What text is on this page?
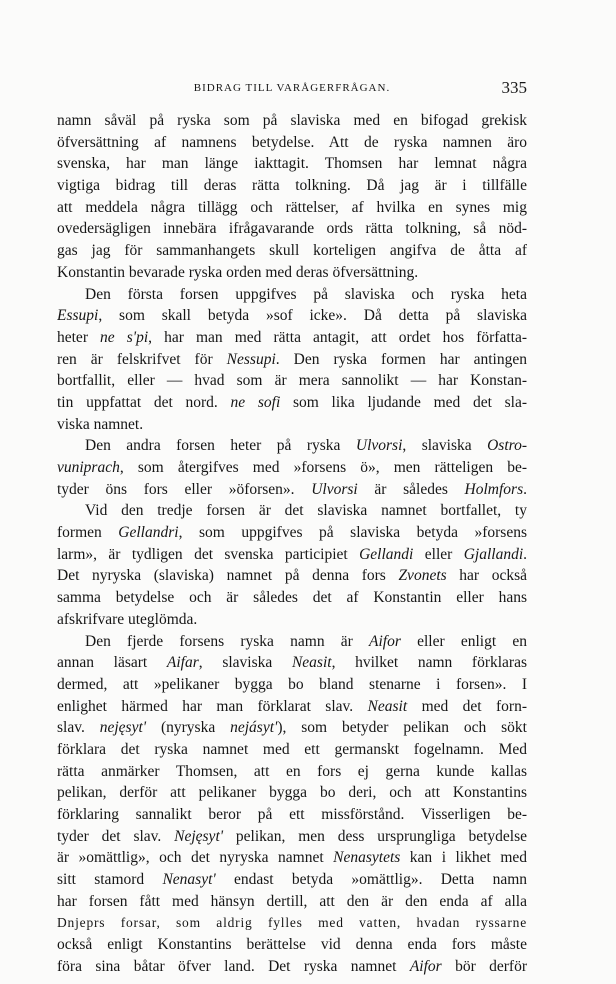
BIDRAG TILL VARÅGERFRÅGAN.	335
namn såväl på ryska som på slaviska med en bifogad grekisk
öfversättning af namnens betydelse. Att de ryska namnen äro
svenska, har man länge iakttagit. Thomsen har lemnat några
vigtiga bidrag till deras rätta tolkning. Då jag är i tillfälle
att meddela några tillägg och rättelser, af hvilka en synes mig
ovedersägligen innebära ifrågavarande ords rätta tolkning, så nöd-
gas jag för sammanhangets skull korteligen angifva de åtta af
Konstantin bevarade ryska orden med deras öfversättning.
Den första forsen uppgifves på slaviska och ryska heta
Essupi, som skall betyda »sof icke». Då detta på slaviska
heter ne s'pi, har man med rätta antagit, att ordet hos författa-
ren är felskrifvet för Nessupi. Den ryska formen har antingen
bortfallit, eller — hvad som är mera sannolikt — har Konstan-
tin uppfattat det nord. ne sofi som lika ljudande med det sla-
viska namnet.
Den andra forsen heter på ryska Ulvorsi, slaviska Ostro-
vuniprach, som återgifves med »forsens ö», men rätteligen be-
tyder öns fors eller »öforsen». Ulvorsi är således Holmfors.
Vid den tredje forsen är det slaviska namnet bortfallet, ty
formen Gellandri, som uppgifves på slaviska betyda »forsens
larm», är tydligen det svenska participiet Gellandi eller Gjallandi.
Det nyryska (slaviska) namnet på denna fors Zvonets har också
samma betydelse och är således det af Konstantin eller hans
afskrifvare uteglömda.
Den fjerde forsens ryska namn är Aifor eller enligt en
annan läsart Aifar, slaviska Neasit, hvilket namn förklaras
dermed, att »pelikaner bygga bo bland stenarne i forsen». I
enlighet härmed har man förklarat slav. Neasit med det forn-
slav. nejęsyt' (nyryska nejásyt'), som betyder pelikan och sökt
förklara det ryska namnet med ett germanskt fogelnamn. Med
rätta anmärker Thomsen, att en fors ej gerna kunde kallas
pelikan, derför att pelikaner bygga bo deri, och att Konstantins
förklaring sannalikt beror på ett missförstånd. Visserligen be-
tyder det slav. Nejęsyt' pelikan, men dess ursprungliga betydelse
är »omättlig», och det nyryska namnet Nenasytets kan i likhet med
sitt stamord Nenasyt' endast betyda »omättlig». Detta namn
har forsen fått med hänsyn dertill, att den är den enda af alla
Dnjeprs forsar, som aldrig fylles med vatten, hvadan ryssarne
också enligt Konstantins berättelse vid denna enda fors måste
föra sina båtar öfver land. Det ryska namnet Aifor bör derför
